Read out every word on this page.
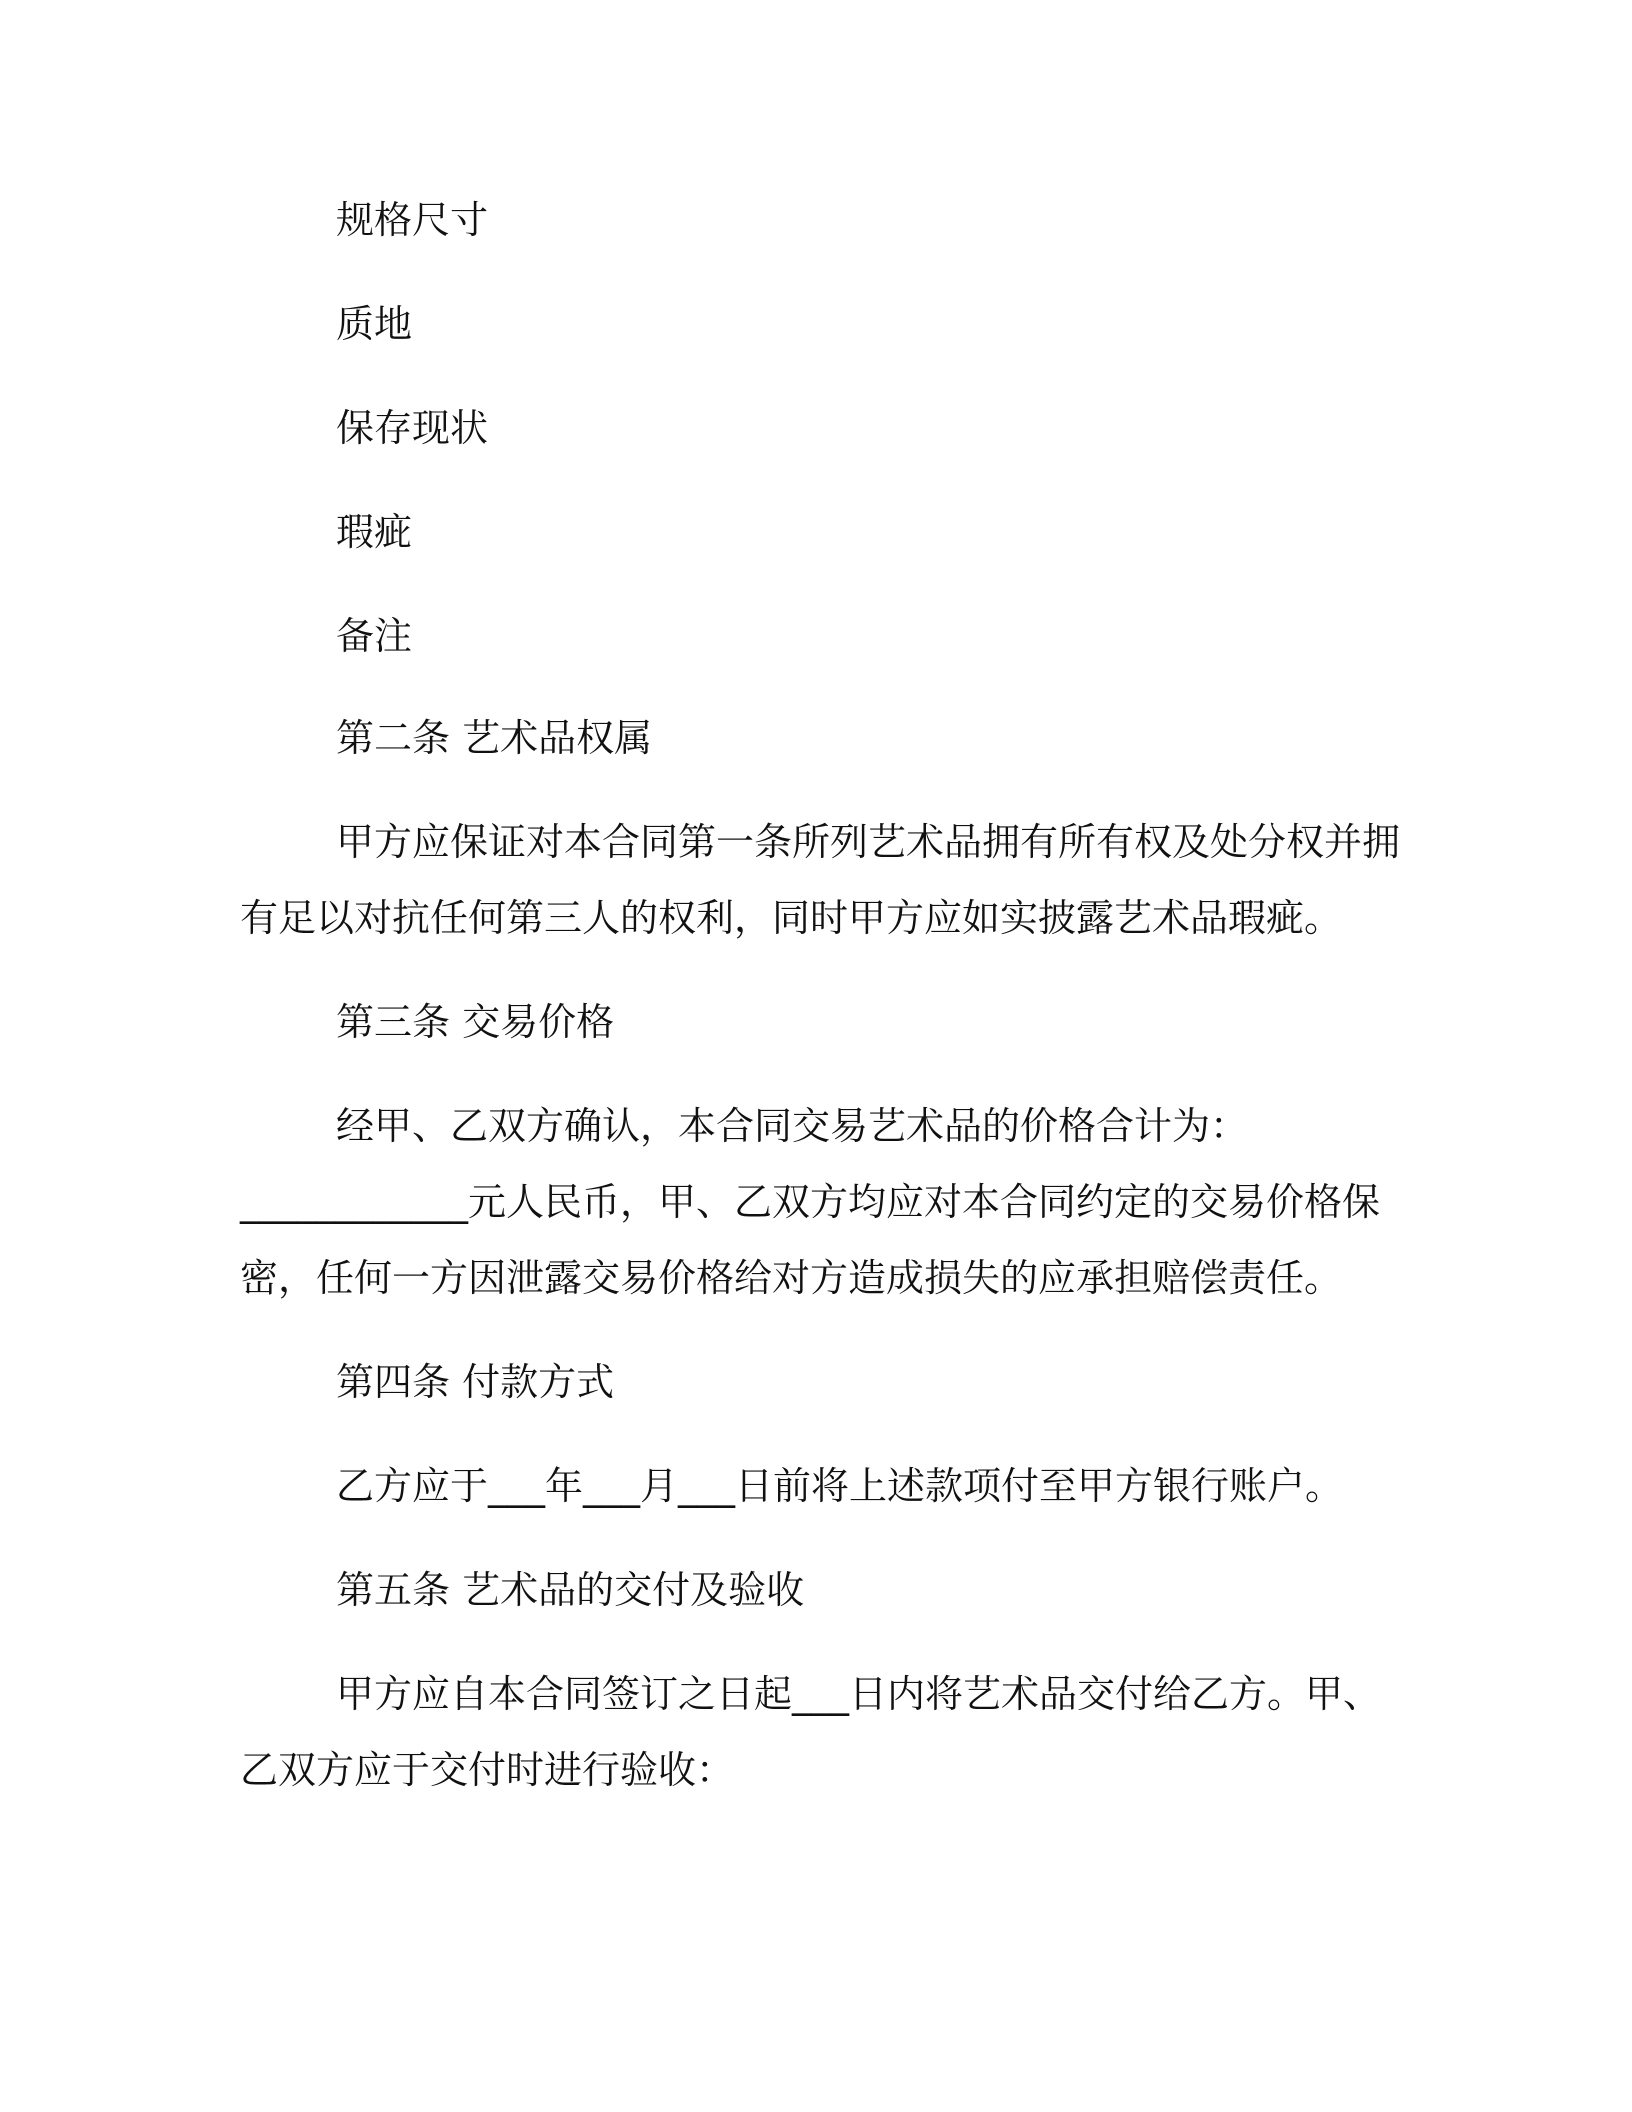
规格尺寸
质地
保存现状
瑕疵
备注
第二条 艺术品权属
甲方应保证对本合同第一条所列艺术品拥有所有权及处分权并拥
有足以对抗任何第三人的权利，同时甲方应如实披露艺术品瑕疵。
第三条 交易价格
经甲、乙双方确认，本合同交易艺术品的价格合计为：
____________元人民币，甲、乙双方均应对本合同约定的交易价格保
密，任何一方因泄露交易价格给对方造成损失的应承担赔偿责任。
第四条 付款方式
乙方应于___年___月___日前将上述款项付至甲方银行账户。
第五条 艺术品的交付及验收
甲方应自本合同签订之日起___日内将艺术品交付给乙方。甲、
乙双方应于交付时进行验收：
